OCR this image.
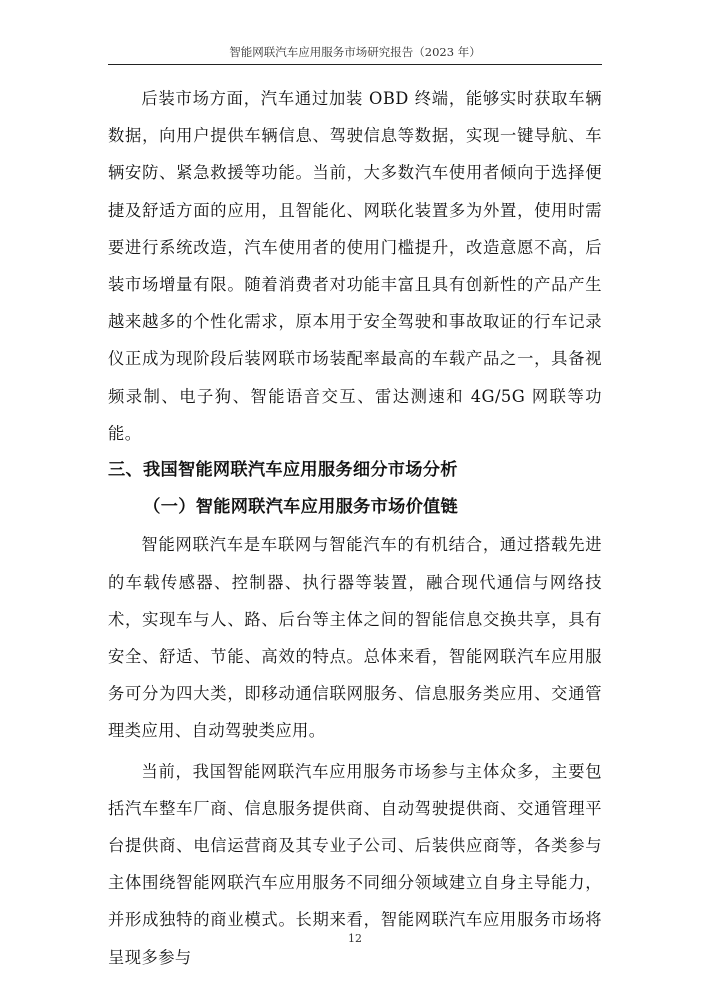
智能网联汽车应用服务市场研究报告（2023 年）

后装市场方面，汽车通过加装 OBD 终端，能够实时获取车辆数据，向用户提供车辆信息、驾驶信息等数据，实现一键导航、车辆安防、紧急救援等功能。当前，大多数汽车使用者倾向于选择便捷及舒适方面的应用，且智能化、网联化装置多为外置，使用时需要进行系统改造，汽车使用者的使用门槛提升，改造意愿不高，后装市场增量有限。随着消费者对功能丰富且具有创新性的产品产生越来越多的个性化需求，原本用于安全驾驶和事故取证的行车记录仪正成为现阶段后装网联市场装配率最高的车载产品之一，具备视频录制、电子狗、智能语音交互、雷达测速和 4G/5G 网联等功能。

三、我国智能网联汽车应用服务细分市场分析
（一）智能网联汽车应用服务市场价值链

智能网联汽车是车联网与智能汽车的有机结合，通过搭载先进的车载传感器、控制器、执行器等装置，融合现代通信与网络技术，实现车与人、路、后台等主体之间的智能信息交换共享，具有安全、舒适、节能、高效的特点。总体来看，智能网联汽车应用服务可分为四大类，即移动通信联网服务、信息服务类应用、交通管理类应用、自动驾驶类应用。

当前，我国智能网联汽车应用服务市场参与主体众多，主要包括汽车整车厂商、信息服务提供商、自动驾驶提供商、交通管理平台提供商、电信运营商及其专业子公司、后装供应商等，各类参与主体围绕智能网联汽车应用服务不同细分领域建立自身主导能力，并形成独特的商业模式。长期来看，智能网联汽车应用服务市场将呈现多参与

12
